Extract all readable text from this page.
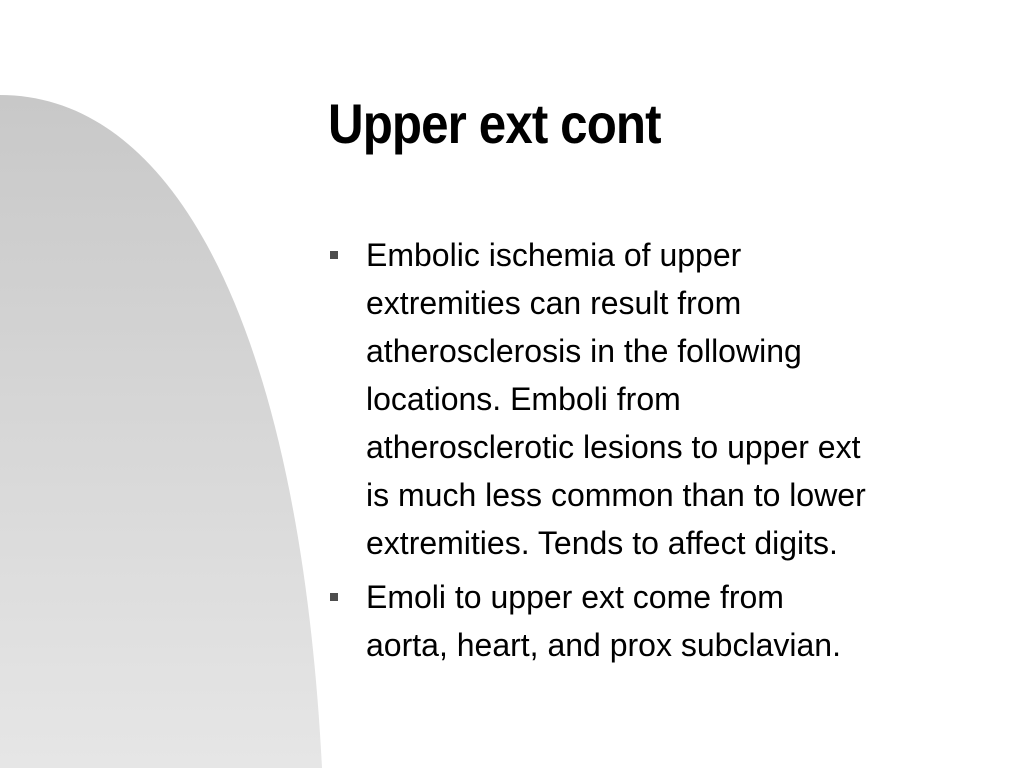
Upper ext cont
Embolic ischemia of upper
extremities can result from
atherosclerosis in the following
locations. Emboli from
atherosclerotic lesions to upper ext
is much less common than to lower
extremities. Tends to affect digits.
Emoli to upper ext come from
aorta, heart, and prox subclavian.
